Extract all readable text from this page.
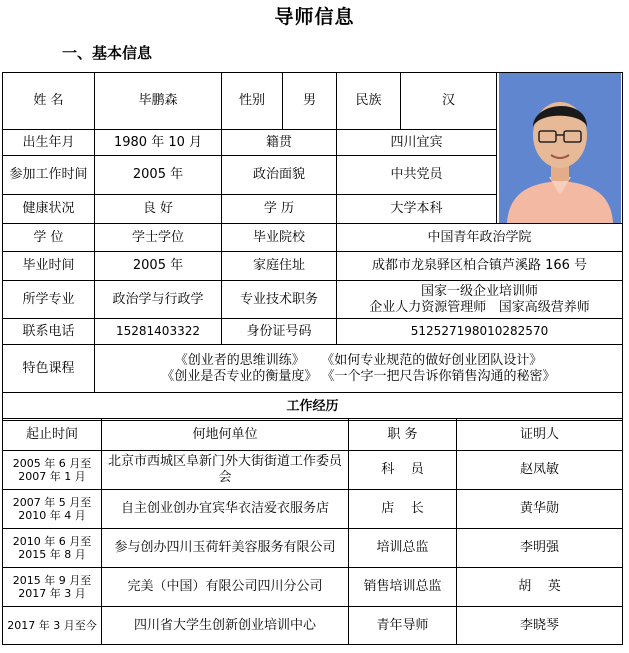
导师信息
一、基本信息
姓 名	毕鹏森	性别	男	民族	汉	

出生年月	1980 年 10 月	籍贯		四川宜宾		
参加工作时间	2005 年	政治面貌		中共党员		
健康状况	良 好	学 历		大学本科		
学 位	学士学位	毕业院校		中国青年政治学院		
毕业时间	2005 年	家庭住址		成都市龙泉驿区柏合镇芦溪路 166 号		
所学专业	政治学与行政学	专业技术职务		国家一级企业培训师
企业人力资源管理师   国家高级营养师		

联系电话	15281403322	身份证号码		512527198010282570		
特色课程	《创业者的思维训练》    《如何专业规范的做好创业团队设计》
《创业是否专业的衡量度》 《一个字一把尺告诉你销售沟通的秘密》					

工作经历						
起止时间	何地何单位	职 务	证明人
2005 年 6 月至 2007 年 1 月	北京市西城区阜新门外大街街道工作委员会	科    员	赵凤敏
2007 年 5 月至 2010 年 4 月	自主创业创办宜宾华衣洁爱衣服务店	店    长	黄华勋
2010 年 6 月至 2015 年 8 月	参与创办四川玉荷轩美容服务有限公司	培训总监	李明强
2015 年 9 月至 2017 年 3 月	完美（中国）有限公司四川分公司	销售培训总监	胡    英
2017 年 3 月至今	四川省大学生创新创业培训中心	青年导师	李晓琴
